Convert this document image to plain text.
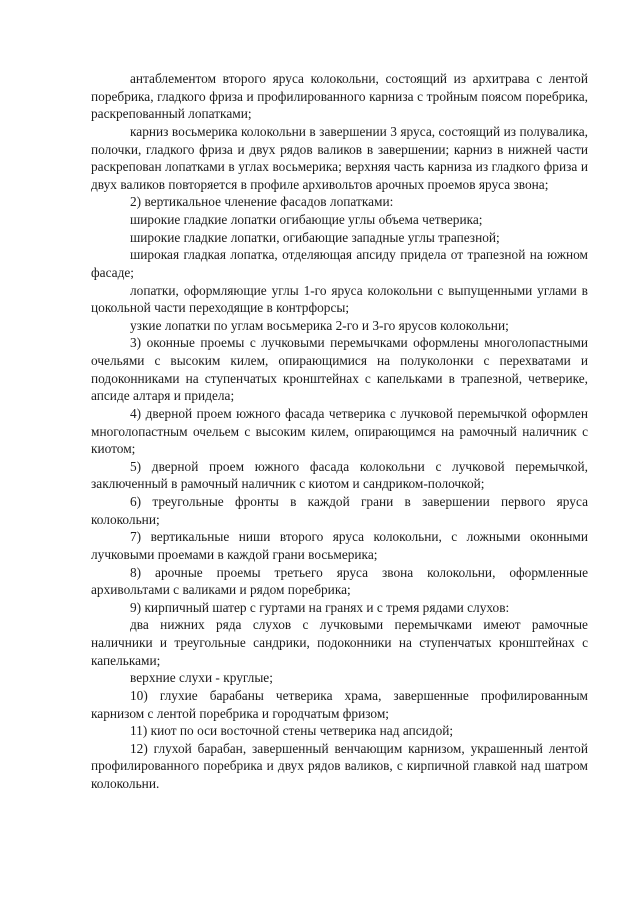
антаблементом второго яруса колокольни, состоящий из архитрава с лентой поребрика, гладкого фриза и профилированного карниза с тройным поясом поребрика, раскрепованный лопатками;

карниз восьмерика колокольни в завершении 3 яруса, состоящий из полувалика, полочки, гладкого фриза и двух рядов валиков в завершении; карниз в нижней части раскрепован лопатками в углах восьмерика; верхняя часть карниза из гладкого фриза и двух валиков повторяется в профиле архивольтов арочных проемов яруса звона;

2) вертикальное членение фасадов лопатками:

широкие гладкие лопатки огибающие углы объема четверика;

широкие гладкие лопатки, огибающие западные углы трапезной;

широкая гладкая лопатка, отделяющая апсиду придела от трапезной на южном фасаде;

лопатки, оформляющие углы 1-го яруса колокольни с выпущенными углами в цокольной части переходящие в контрфорсы;

узкие лопатки по углам восьмерика 2-го и 3-го ярусов колокольни;

3) оконные проемы с лучковыми перемычками оформлены многолопастными очельями с высоким килем, опирающимися на полуколонки с перехватами и подоконниками на ступенчатых кронштейнах с капельками в трапезной, четверике, апсиде алтаря и придела;

4) дверной проем южного фасада четверика с лучковой перемычкой оформлен многолопастным очельем с высоким килем, опирающимся на рамочный наличник с киотом;

5) дверной проем южного фасада колокольни с лучковой перемычкой, заключенный в рамочный наличник с киотом и сандриком-полочкой;

6) треугольные фронты в каждой грани в завершении первого яруса колокольни;

7) вертикальные ниши второго яруса колокольни, с ложными оконными лучковыми проемами в каждой грани восьмерика;

8) арочные проемы третьего яруса звона колокольни, оформленные архивольтами с валиками и рядом поребрика;

9) кирпичный шатер с гуртами на гранях и с тремя рядами слухов:

два нижних ряда слухов с лучковыми перемычками имеют рамочные наличники и треугольные сандрики, подоконники на ступенчатых кронштейнах с капельками;

верхние слухи - круглые;

10) глухие барабаны четверика храма, завершенные профилированным карнизом с лентой поребрика и городчатым фризом;

11) киот по оси восточной стены четверика над апсидой;

12) глухой барабан, завершенный венчающим карнизом, украшенный лентой профилированного поребрика и двух рядов валиков, с кирпичной главкой над шатром колокольни.
